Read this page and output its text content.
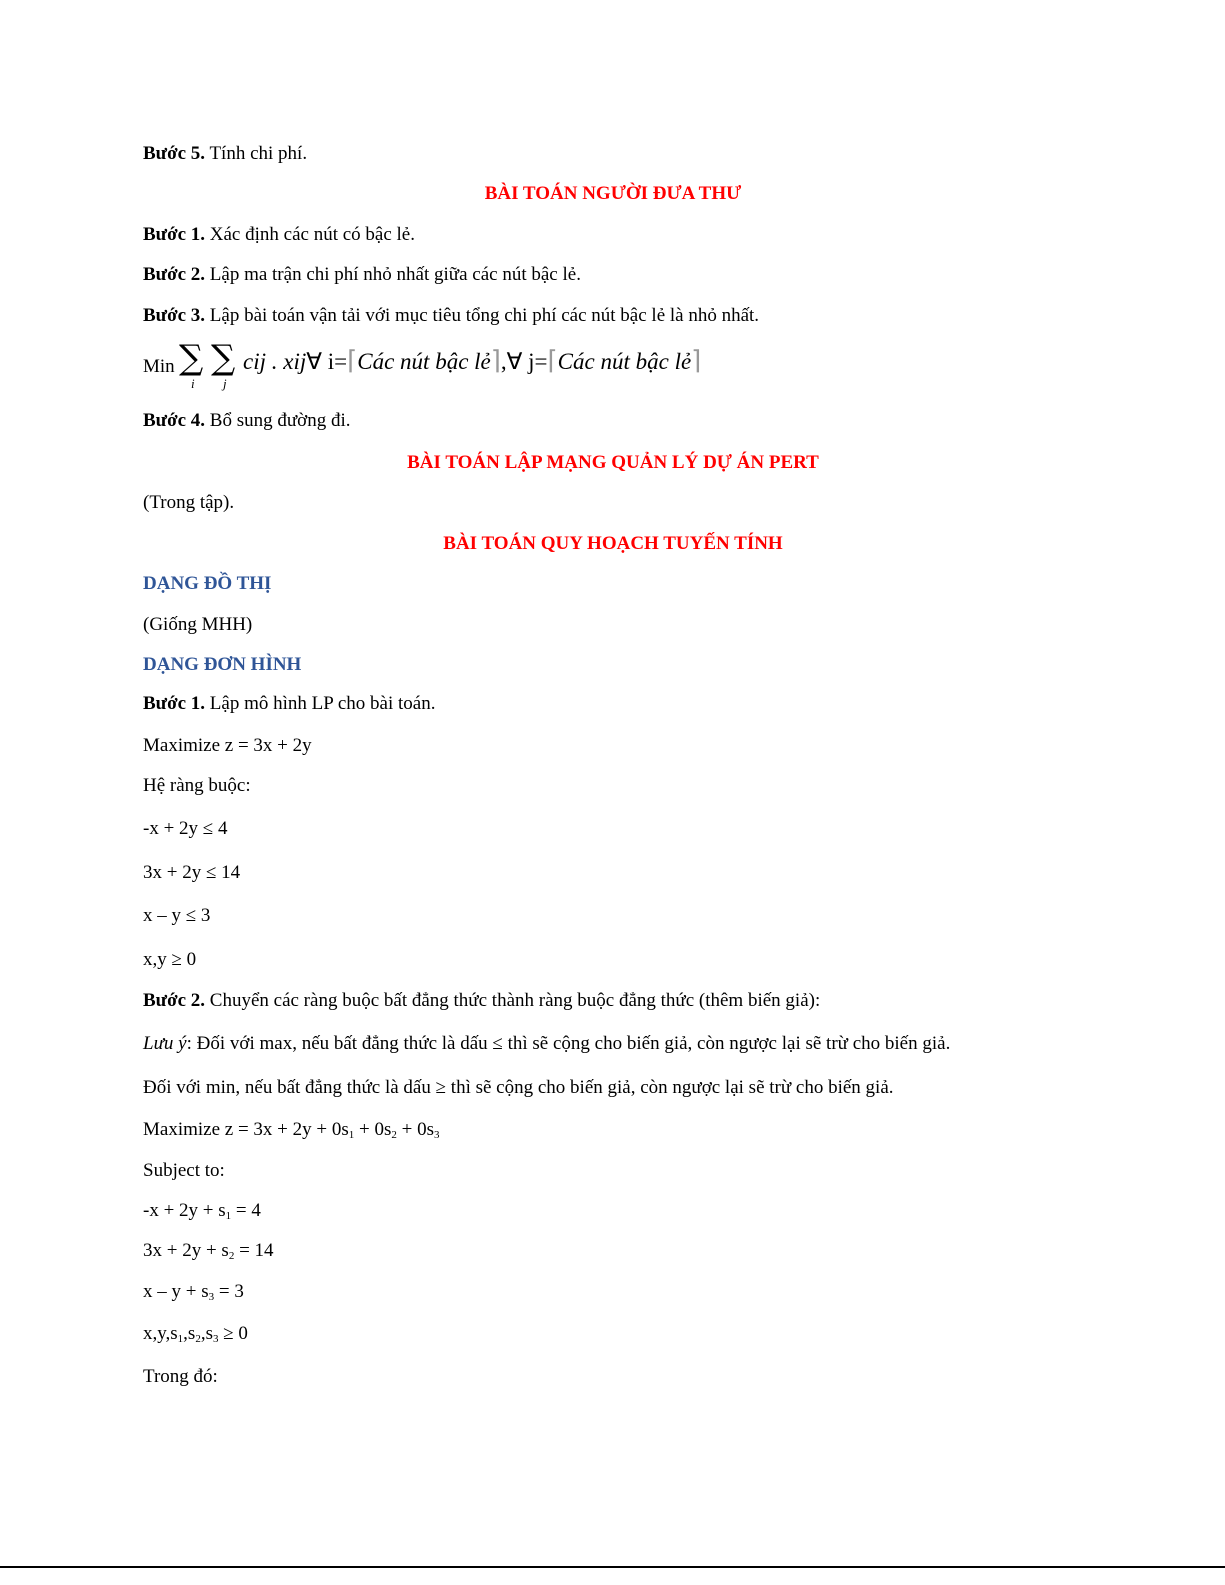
Bước 5. Tính chi phí.
BÀI TOÁN NGƯỜI ĐƯA THƯ
Bước 1. Xác định các nút có bậc lẻ.
Bước 2. Lập ma trận chi phí nhỏ nhất giữa các nút bậc lẻ.
Bước 3. Lập bài toán vận tải với mục tiêu tổng chi phí các nút bậc lẻ là nhỏ nhất.
Min ∑
i
∑
j
cij . xij∀ i=⌈Các nút bậc lẻ⌉,∀ j=⌈Các nút bậc lẻ⌉
Bước 4. Bổ sung đường đi.
BÀI TOÁN LẬP MẠNG QUẢN LÝ DỰ ÁN PERT
(Trong tập).
BÀI TOÁN QUY HOẠCH TUYẾN TÍNH
DẠNG ĐỒ THỊ
(Giống MHH)
DẠNG ĐƠN HÌNH
Bước 1. Lập mô hình LP cho bài toán.
Maximize z = 3x + 2y
Hệ ràng buộc:
-x + 2y ≤ 4
3x + 2y ≤ 14
x – y ≤ 3
x,y ≥ 0
Bước 2. Chuyển các ràng buộc bất đẳng thức thành ràng buộc đẳng thức (thêm biến giả):
Lưu ý: Đối với max, nếu bất đẳng thức là dấu ≤ thì sẽ cộng cho biến giả, còn ngược lại sẽ trừ cho biến giả.
Đối với min, nếu bất đẳng thức là dấu ≥ thì sẽ cộng cho biến giả, còn ngược lại sẽ trừ cho biến giả.
Maximize $z = 3x + 2y + 0s_1 + 0s_2 + 0s_3$
Subject to:
$-x + 2y + s_1 = 4$
$3x + 2y + s_2 = 14$
$x - y + s_3 = 3$
$x,y,s_1,s_2,s_3 \ge 0$
Trong đó:
